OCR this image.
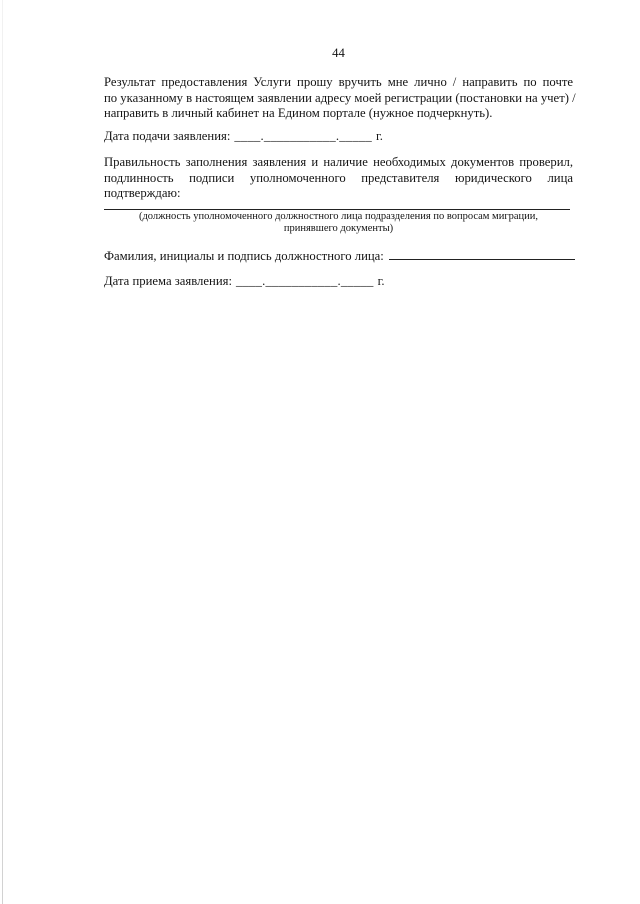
44
Результат предоставления Услуги прошу вручить мне лично / направить по почте
по указанному в настоящем заявлении адресу моей регистрации (постановки на учет) /
направить в личный кабинет на Едином портале (нужное подчеркнуть).
Дата подачи заявления: ____.___________._____ г.
Правильность заполнения заявления и наличие необходимых документов проверил,
подлинность подписи уполномоченного представителя юридического лица
подтверждаю:
(должность уполномоченного должностного лица подразделения по вопросам миграции,
принявшего документы)
Фамилия, инициалы и подпись должностного лица:
Дата приема заявления: ____.___________._____ г.
